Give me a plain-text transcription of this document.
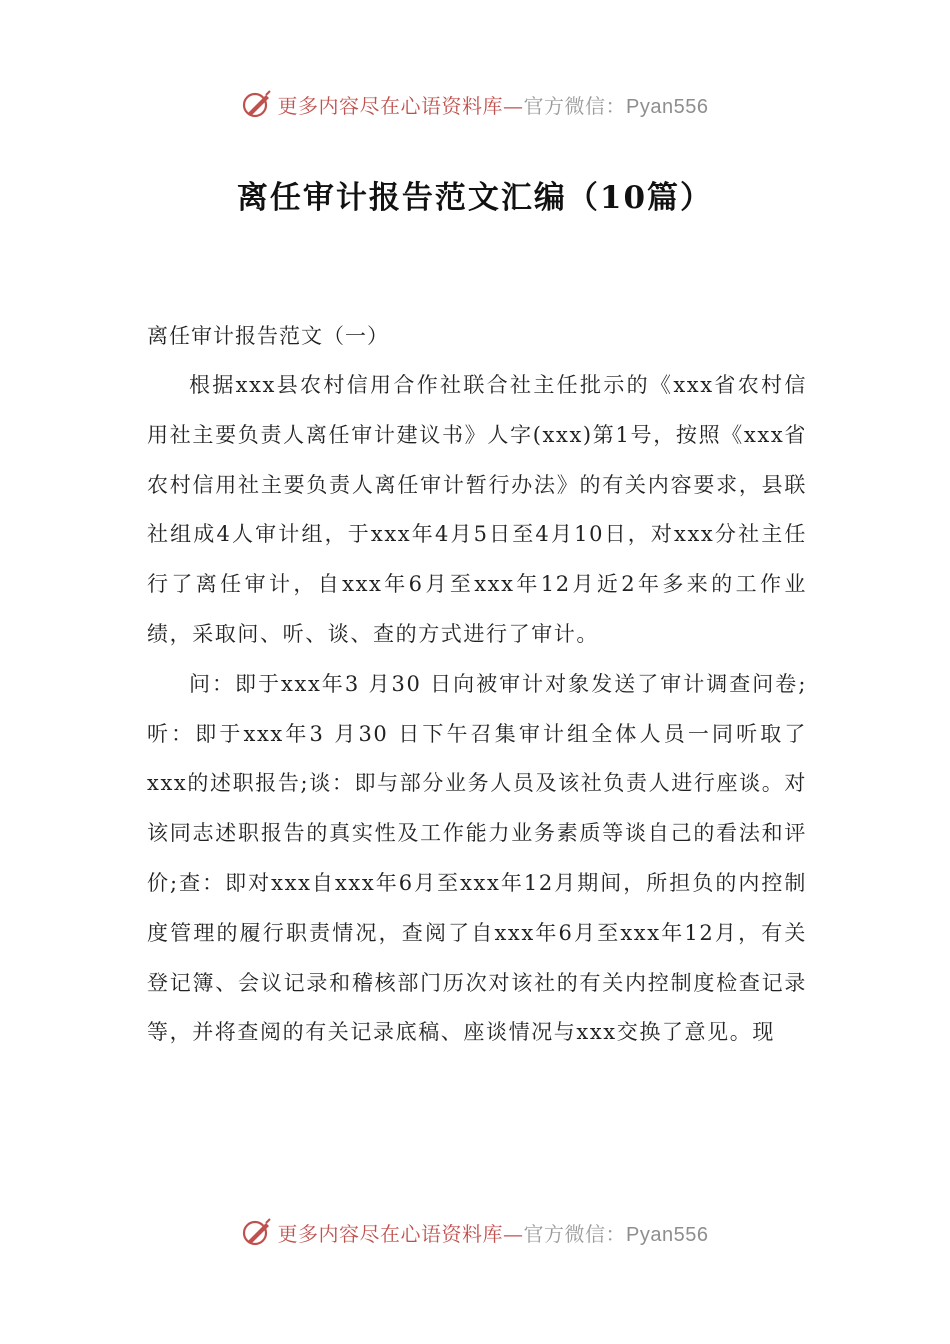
更多内容尽在心语资料库—官方微信：Pyan556
离任审计报告范文汇编（10篇）
离任审计报告范文（一）

根据xxx县农村信用合作社联合社主任批示的《xxx省农村信用社主要负责人离任审计建议书》人字(xxx)第1号，按照《xxx省农村信用社主要负责人离任审计暂行办法》的有关内容要求，县联社组成4人审计组，于xxx年4月5日至4月10日，对xxx分社主任行了离任审计，自xxx年6月至xxx年12月近2年多来的工作业绩，采取问、听、谈、查的方式进行了审计。

问：即于xxx年3 月30 日向被审计对象发送了审计调查问卷;听：即于xxx年3 月30 日下午召集审计组全体人员一同听取了xxx的述职报告;谈：即与部分业务人员及该社负责人进行座谈。对该同志述职报告的真实性及工作能力业务素质等谈自己的看法和评价;查：即对xxx自xxx年6月至xxx年12月期间，所担负的内控制度管理的履行职责情况，查阅了自xxx年6月至xxx年12月，有关登记簿、会议记录和稽核部门历次对该社的有关内控制度检查记录等，并将查阅的有关记录底稿、座谈情况与xxx交换了意见。现

更多内容尽在心语资料库—官方微信：Pyan556
